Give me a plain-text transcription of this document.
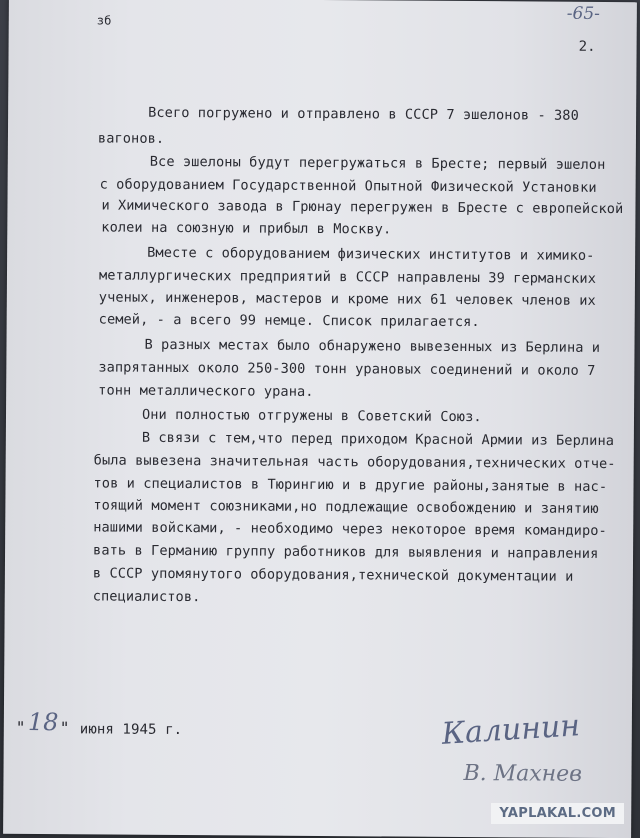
зб	-65-
2.
Всего погружено и отправлено в СССР 7 эшелонов - 380
вагонов.
Все эшелоны будут перегружаться в Бресте; первый эшелон
с оборудованием Государственной Опытной Физической Установки
и Химического завода в Грюнау перегружен в Бресте с европейской
колеи на союзную и прибыл в Москву.
Вместе с оборудованием физических институтов и химико-
металлургических предприятий в СССР направлены 39 германских
ученых, инженеров, мастеров и кроме них 61 человек членов их
семей, - а всего 99 немце. Список прилагается.
В разных местах было обнаружено вывезенных из Берлина и
запрятанных около 250-300 тонн урановых соединений и около 7
тонн металлического урана.
Они полностью отгружены в Советский Союз.
В связи с тем,что перед приходом Красной Армии из Берлина
была вывезена значительная часть оборудования,технических отче-
тов и специалистов в Тюрингию и в другие районы,занятые в нас-
тоящий момент союзниками,но подлежащие освобождению и занятию
нашими войсками, - необходимо через некоторое время командиро-
вать в Германию группу работников для выявления и направления
в СССР упомянутого оборудования,технической документации и
специалистов.
" 18 " июня 1945 г.	Калинин
В. Махнев
YAPLAKAL.COM
